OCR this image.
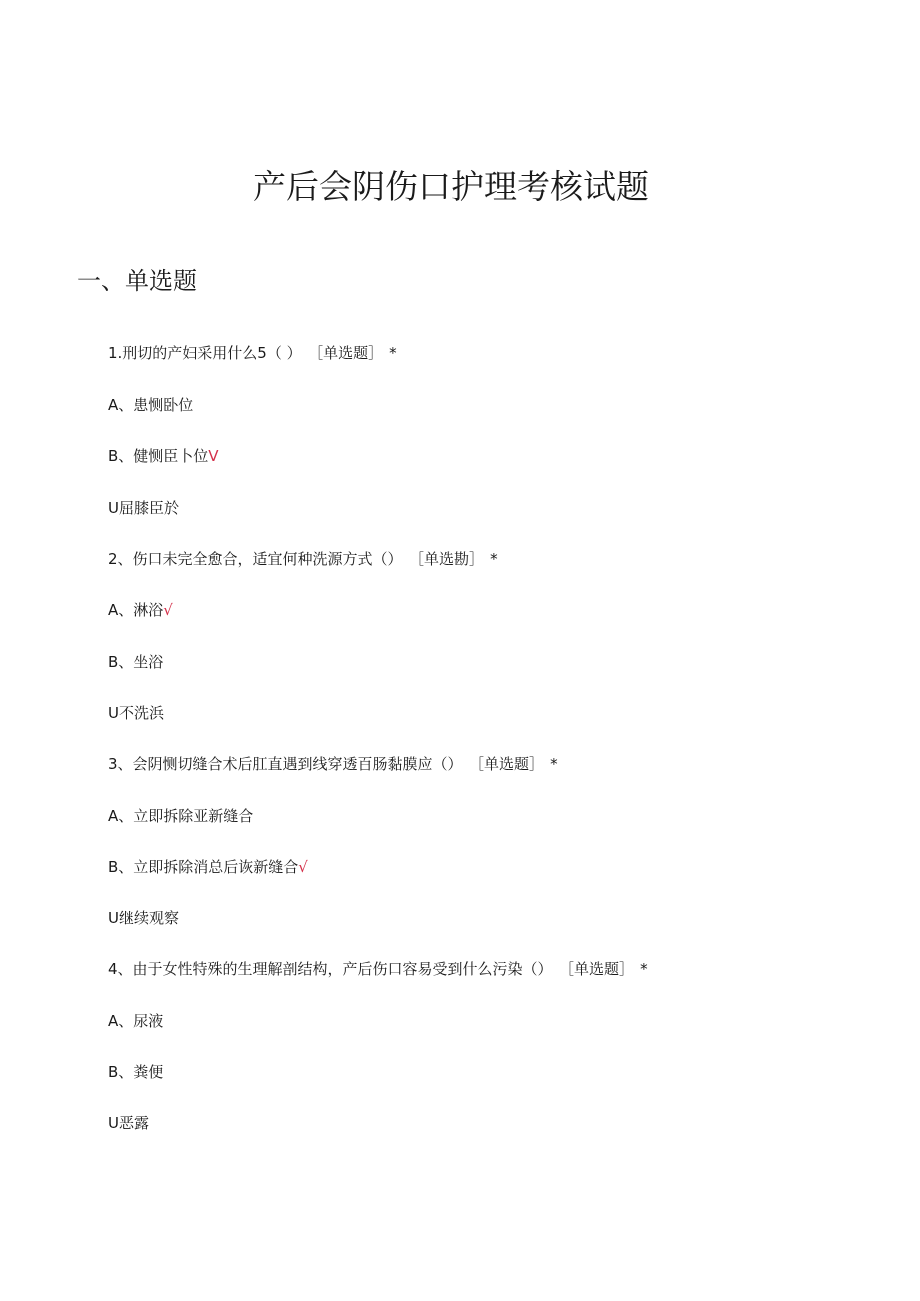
产后会阴伤口护理考核试题
一、单选题
1.刑切的产妇采用什么5（ ） ［单选题］ *
A、患恻卧位
B、健恻臣卜位V
U屈膝臣於
2、伤口未完全愈合，适宜何种洗源方式（） ［单选勘］ *
A、淋浴√
B、坐浴
U不洗浜
3、会阴恻切缝合术后肛直遇到线穿透百肠黏膜应（） ［单选题］ *
A、立即拆除亚新缝合
B、立即拆除消总后诙新缝合√
U继续观察
4、由于女性特殊的生理解剖结构，产后伤口容易受到什么污染（） ［单选题］ *
A、尿液
B、粪便
U恶露
